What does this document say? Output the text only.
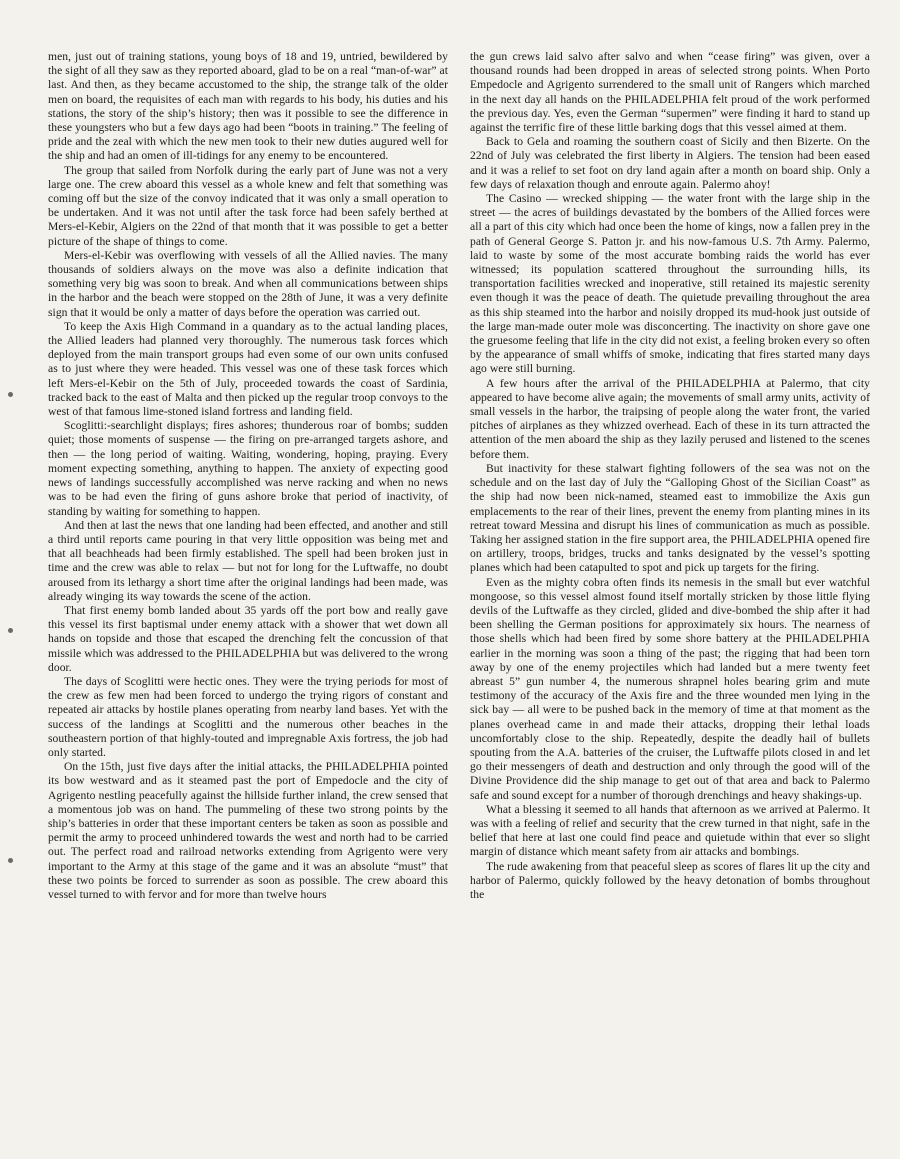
men, just out of training stations, young boys of 18 and 19, untried, bewildered by the sight of all they saw as they reported aboard, glad to be on a real “man-of-war” at last. And then, as they became accustomed to the ship, the strange talk of the older men on board, the requisites of each man with regards to his body, his duties and his stations, the story of the ship’s history; then was it possible to see the difference in these youngsters who but a few days ago had been “boots in training.” The feeling of pride and the zeal with which the new men took to their new duties augured well for the ship and had an omen of ill-tidings for any enemy to be encountered.

The group that sailed from Norfolk during the early part of June was not a very large one. The crew aboard this vessel as a whole knew and felt that something was coming off but the size of the convoy indicated that it was only a small operation to be undertaken. And it was not until after the task force had been safely berthed at Mers-el-Kebir, Algiers on the 22nd of that month that it was possible to get a better picture of the shape of things to come.

Mers-el-Kebir was overflowing with vessels of all the Allied navies. The many thousands of soldiers always on the move was also a definite indication that something very big was soon to break. And when all communications between ships in the harbor and the beach were stopped on the 28th of June, it was a very definite sign that it would be only a matter of days before the operation was carried out.

To keep the Axis High Command in a quandary as to the actual landing places, the Allied leaders had planned very thoroughly. The numerous task forces which deployed from the main transport groups had even some of our own units confused as to just where they were headed. This vessel was one of these task forces which left Mers-el-Kebir on the 5th of July, proceeded towards the coast of Sardinia, tracked back to the east of Malta and then picked up the regular troop convoys to the west of that famous lime-stoned island fortress and landing field.

Scoglitti:-searchlight displays; fires ashores; thunderous roar of bombs; sudden quiet; those moments of suspense — the firing on pre-arranged targets ashore, and then — the long period of waiting. Waiting, wondering, hoping, praying. Every moment expecting something, anything to happen. The anxiety of expecting good news of landings successfully accomplished was nerve racking and when no news was to be had even the firing of guns ashore broke that period of inactivity, of standing by waiting for something to happen.

And then at last the news that one landing had been effected, and another and still a third until reports came pouring in that very little opposition was being met and that all beachheads had been firmly established. The spell had been broken just in time and the crew was able to relax — but not for long for the Luftwaffe, no doubt aroused from its lethargy a short time after the original landings had been made, was already winging its way towards the scene of the action.

That first enemy bomb landed about 35 yards off the port bow and really gave this vessel its first baptismal under enemy attack with a shower that wet down all hands on topside and those that escaped the drenching felt the concussion of that missile which was addressed to the PHILADELPHIA but was delivered to the wrong door.

The days of Scoglitti were hectic ones. They were the trying periods for most of the crew as few men had been forced to undergo the trying rigors of constant and repeated air attacks by hostile planes operating from nearby land bases. Yet with the success of the landings at Scoglitti and the numerous other beaches in the southeastern portion of that highly-touted and impregnable Axis fortress, the job had only started.

On the 15th, just five days after the initial attacks, the PHILADELPHIA pointed its bow westward and as it steamed past the port of Empedocle and the city of Agrigento nestling peacefully against the hillside further inland, the crew sensed that a momentous job was on hand. The pummeling of these two strong points by the ship’s batteries in order that these important centers be taken as soon as possible and permit the army to proceed unhindered towards the west and north had to be carried out. The perfect road and railroad networks extending from Agrigento were very important to the Army at this stage of the game and it was an absolute “must” that these two points be forced to surrender as soon as possible. The crew aboard this vessel turned to with fervor and for more than twelve hours

the gun crews laid salvo after salvo and when “cease firing” was given, over a thousand rounds had been dropped in areas of selected strong points. When Porto Empedocle and Agrigento surrendered to the small unit of Rangers which marched in the next day all hands on the PHILADELPHIA felt proud of the work performed the previous day. Yes, even the German “supermen” were finding it hard to stand up against the terrific fire of these little barking dogs that this vessel aimed at them.

Back to Gela and roaming the southern coast of Sicily and then Bizerte. On the 22nd of July was celebrated the first liberty in Algiers. The tension had been eased and it was a relief to set foot on dry land again after a month on board ship. Only a few days of relaxation though and enroute again. Palermo ahoy!

The Casino — wrecked shipping — the water front with the large ship in the street — the acres of buildings devastated by the bombers of the Allied forces were all a part of this city which had once been the home of kings, now a fallen prey in the path of General George S. Patton jr. and his now-famous U.S. 7th Army. Palermo, laid to waste by some of the most accurate bombing raids the world has ever witnessed; its population scattered throughout the surrounding hills, its transportation facilities wrecked and inoperative, still retained its majestic serenity even though it was the peace of death. The quietude prevailing throughout the area as this ship steamed into the harbor and noisily dropped its mud-hook just outside of the large man-made outer mole was disconcerting. The inactivity on shore gave one the gruesome feeling that life in the city did not exist, a feeling broken every so often by the appearance of small whiffs of smoke, indicating that fires started many days ago were still burning.

A few hours after the arrival of the PHILADELPHIA at Palermo, that city appeared to have become alive again; the movements of small army units, activity of small vessels in the harbor, the traipsing of people along the water front, the varied pitches of airplanes as they whizzed overhead. Each of these in its turn attracted the attention of the men aboard the ship as they lazily perused and listened to the scenes before them.

But inactivity for these stalwart fighting followers of the sea was not on the schedule and on the last day of July the “Galloping Ghost of the Sicilian Coast” as the ship had now been nick-named, steamed east to immobilize the Axis gun emplacements to the rear of their lines, prevent the enemy from planting mines in its retreat toward Messina and disrupt his lines of communication as much as possible. Taking her assigned station in the fire support area, the PHILADELPHIA opened fire on artillery, troops, bridges, trucks and tanks designated by the vessel’s spotting planes which had been catapulted to spot and pick up targets for the firing.

Even as the mighty cobra often finds its nemesis in the small but ever watchful mongoose, so this vessel almost found itself mortally stricken by those little flying devils of the Luftwaffe as they circled, glided and dive-bombed the ship after it had been shelling the German positions for approximately six hours. The nearness of those shells which had been fired by some shore battery at the PHILADELPHIA earlier in the morning was soon a thing of the past; the rigging that had been torn away by one of the enemy projectiles which had landed but a mere twenty feet abreast 5” gun number 4, the numerous shrapnel holes bearing grim and mute testimony of the accuracy of the Axis fire and the three wounded men lying in the sick bay — all were to be pushed back in the memory of time at that moment as the planes overhead came in and made their attacks, dropping their lethal loads uncomfortably close to the ship. Repeatedly, despite the deadly hail of bullets spouting from the A.A. batteries of the cruiser, the Luftwaffe pilots closed in and let go their messengers of death and destruction and only through the good will of the Divine Providence did the ship manage to get out of that area and back to Palermo safe and sound except for a number of thorough drenchings and heavy shakings-up.

What a blessing it seemed to all hands that afternoon as we arrived at Palermo. It was with a feeling of relief and security that the crew turned in that night, safe in the belief that here at last one could find peace and quietude within that ever so slight margin of distance which meant safety from air attacks and bombings.

The rude awakening from that peaceful sleep as scores of flares lit up the city and harbor of Palermo, quickly followed by the heavy detonation of bombs throughout the
